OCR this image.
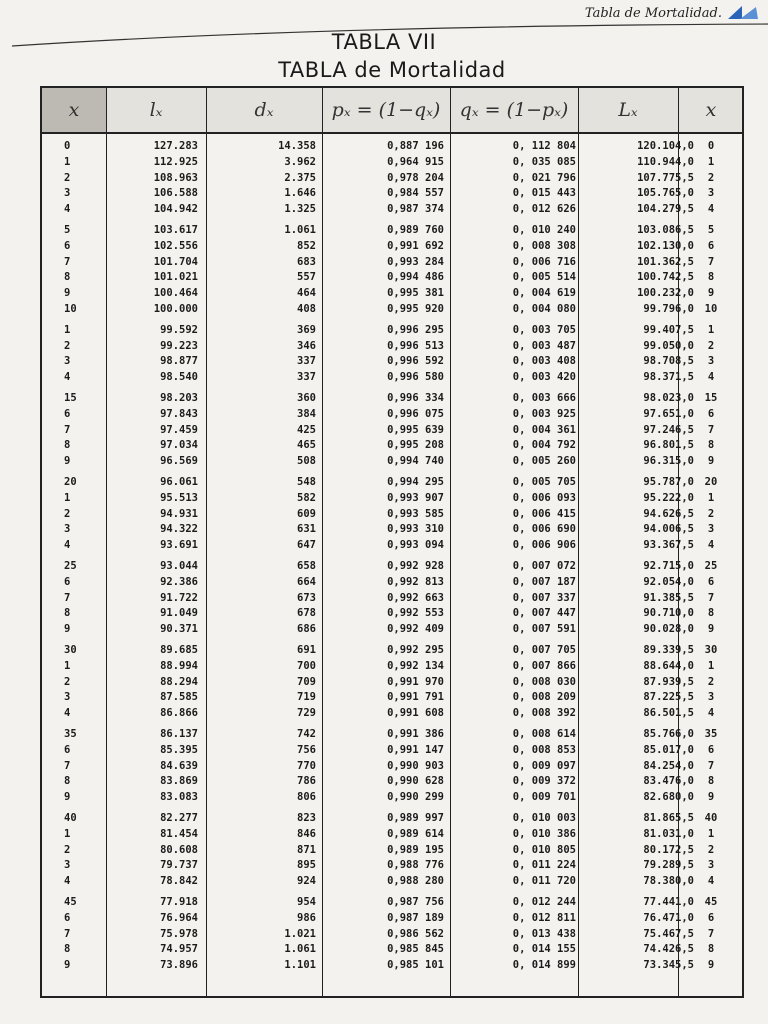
Tabla de Mortalidad.
TABLA VII
TABLA de Mortalidad
x	lₓ	dₓ	pₓ = (1−qₓ)	qₓ = (1−pₓ)	Lₓ	x
0	127.283	14.358	0,887 196	0, 112 804	120.104,0	0
1	112.925	3.962	0,964 915	0, 035 085	110.944,0	1
2	108.963	2.375	0,978 204	0, 021 796	107.775,5	2
3	106.588	1.646	0,984 557	0, 015 443	105.765,0	3
4	104.942	1.325	0,987 374	0, 012 626	104.279,5	4
5	103.617	1.061	0,989 760	0, 010 240	103.086,5	5
6	102.556	852	0,991 692	0, 008 308	102.130,0	6
7	101.704	683	0,993 284	0, 006 716	101.362,5	7
8	101.021	557	0,994 486	0, 005 514	100.742,5	8
9	100.464	464	0,995 381	0, 004 619	100.232,0	9
10	100.000	408	0,995 920	0, 004 080	99.796,0	10
1	99.592	369	0,996 295	0, 003 705	99.407,5	1
2	99.223	346	0,996 513	0, 003 487	99.050,0	2
3	98.877	337	0,996 592	0, 003 408	98.708,5	3
4	98.540	337	0,996 580	0, 003 420	98.371,5	4
15	98.203	360	0,996 334	0, 003 666	98.023,0	15
6	97.843	384	0,996 075	0, 003 925	97.651,0	6
7	97.459	425	0,995 639	0, 004 361	97.246,5	7
8	97.034	465	0,995 208	0, 004 792	96.801,5	8
9	96.569	508	0,994 740	0, 005 260	96.315,0	9
20	96.061	548	0,994 295	0, 005 705	95.787,0	20
1	95.513	582	0,993 907	0, 006 093	95.222,0	1
2	94.931	609	0,993 585	0, 006 415	94.626,5	2
3	94.322	631	0,993 310	0, 006 690	94.006,5	3
4	93.691	647	0,993 094	0, 006 906	93.367,5	4
25	93.044	658	0,992 928	0, 007 072	92.715,0	25
6	92.386	664	0,992 813	0, 007 187	92.054,0	6
7	91.722	673	0,992 663	0, 007 337	91.385,5	7
8	91.049	678	0,992 553	0, 007 447	90.710,0	8
9	90.371	686	0,992 409	0, 007 591	90.028,0	9
30	89.685	691	0,992 295	0, 007 705	89.339,5	30
1	88.994	700	0,992 134	0, 007 866	88.644,0	1
2	88.294	709	0,991 970	0, 008 030	87.939,5	2
3	87.585	719	0,991 791	0, 008 209	87.225,5	3
4	86.866	729	0,991 608	0, 008 392	86.501,5	4
35	86.137	742	0,991 386	0, 008 614	85.766,0	35
6	85.395	756	0,991 147	0, 008 853	85.017,0	6
7	84.639	770	0,990 903	0, 009 097	84.254,0	7
8	83.869	786	0,990 628	0, 009 372	83.476,0	8
9	83.083	806	0,990 299	0, 009 701	82.680,0	9
40	82.277	823	0,989 997	0, 010 003	81.865,5	40
1	81.454	846	0,989 614	0, 010 386	81.031,0	1
2	80.608	871	0,989 195	0, 010 805	80.172,5	2
3	79.737	895	0,988 776	0, 011 224	79.289,5	3
4	78.842	924	0,988 280	0, 011 720	78.380,0	4
45	77.918	954	0,987 756	0, 012 244	77.441,0	45
6	76.964	986	0,987 189	0, 012 811	76.471,0	6
7	75.978	1.021	0,986 562	0, 013 438	75.467,5	7
8	74.957	1.061	0,985 845	0, 014 155	74.426,5	8
9	73.896	1.101	0,985 101	0, 014 899	73.345,5	9
